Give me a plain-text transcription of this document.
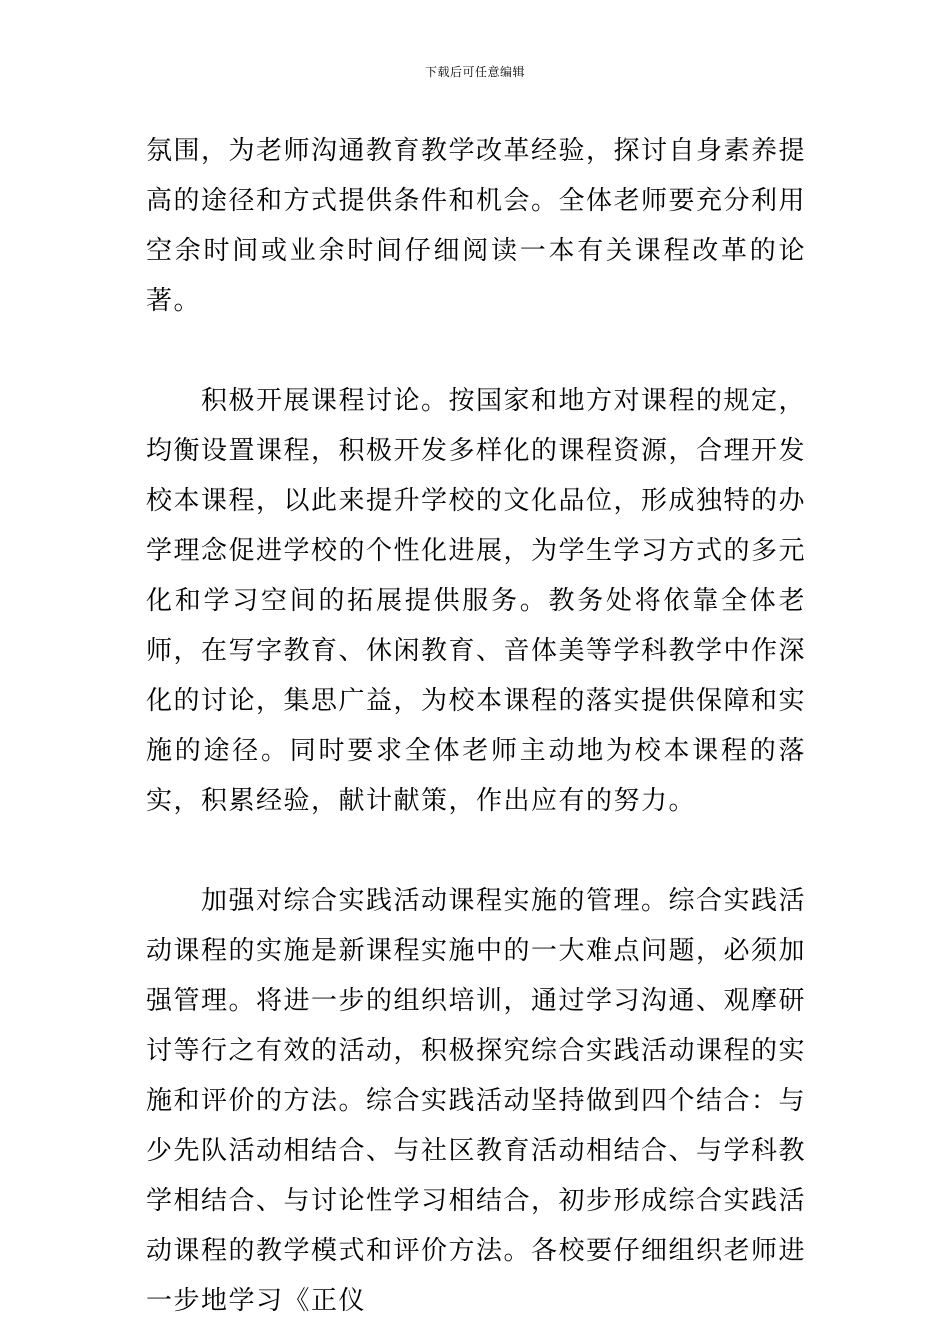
下载后可任意编辑

氛围，为老师沟通教育教学改革经验，探讨自身素养提高的途径和方式提供条件和机会。全体老师要充分利用空余时间或业余时间仔细阅读一本有关课程改革的论著。

积极开展课程讨论。按国家和地方对课程的规定，均衡设置课程，积极开发多样化的课程资源，合理开发校本课程，以此来提升学校的文化品位，形成独特的办学理念促进学校的个性化进展，为学生学习方式的多元化和学习空间的拓展提供服务。教务处将依靠全体老师，在写字教育、休闲教育、音体美等学科教学中作深化的讨论，集思广益，为校本课程的落实提供保障和实施的途径。同时要求全体老师主动地为校本课程的落实，积累经验，献计献策，作出应有的努力。

加强对综合实践活动课程实施的管理。综合实践活动课程的实施是新课程实施中的一大难点问题，必须加强管理。将进一步的组织培训，通过学习沟通、观摩研讨等行之有效的活动，积极探究综合实践活动课程的实施和评价的方法。综合实践活动坚持做到四个结合：与少先队活动相结合、与社区教育活动相结合、与学科教学相结合、与讨论性学习相结合，初步形成综合实践活动课程的教学模式和评价方法。各校要仔细组织老师进一步地学习《正仪
